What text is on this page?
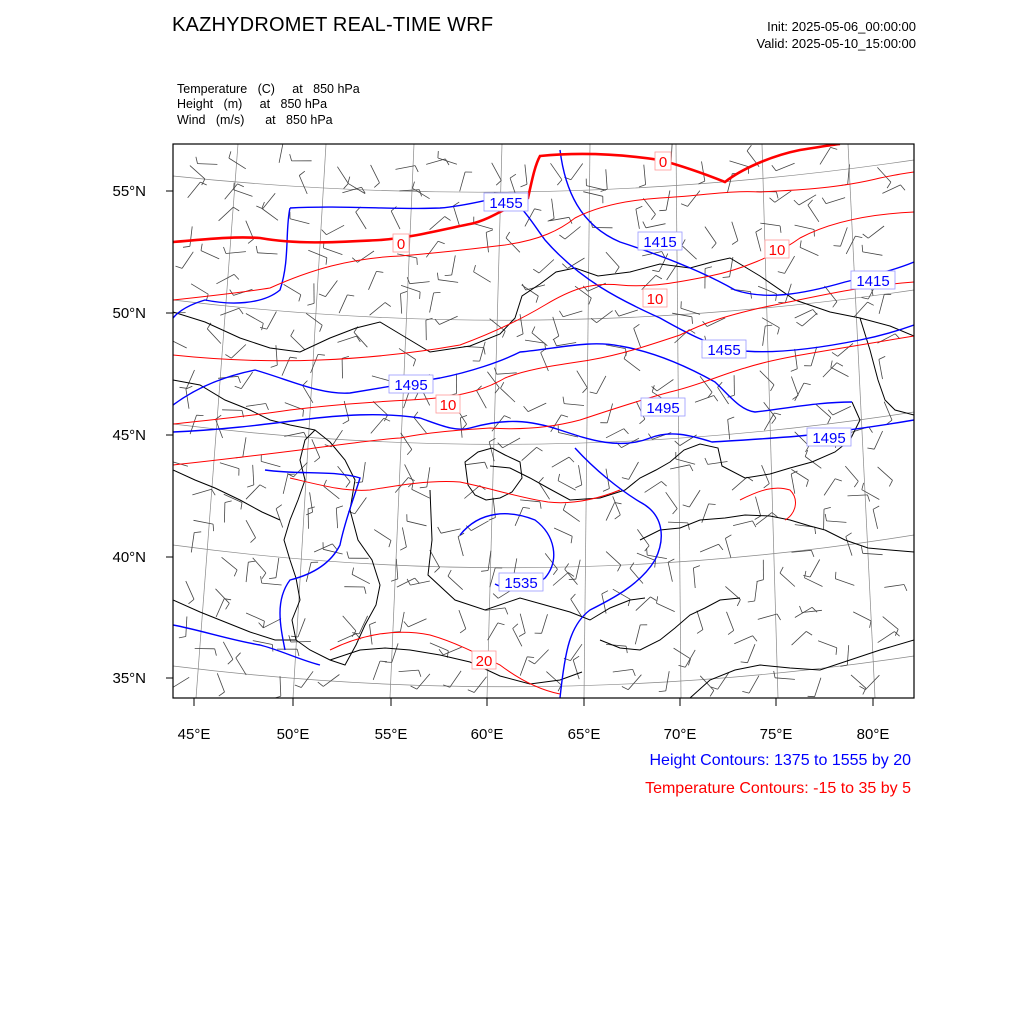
KAZHYDROMET REAL-TIME WRF	Init: 2025-05-06_00:00:00
Valid: 2025-05-10_15:00:00
Temperature   (C)     at   850 hPa
Height   (m)     at   850 hPa
Wind   (m/s)      at   850 hPa
55°N
50°N
45°N
40°N
35°N
45°E	50°E	55°E	60°E	65°E	70°E	75°E	80°E
1455
1415
1415
1455
1495
1495
1495
1535
0
0
10
10
10
20
Height Contours: 1375 to 1555 by 20
Temperature Contours: -15 to 35 by 5
